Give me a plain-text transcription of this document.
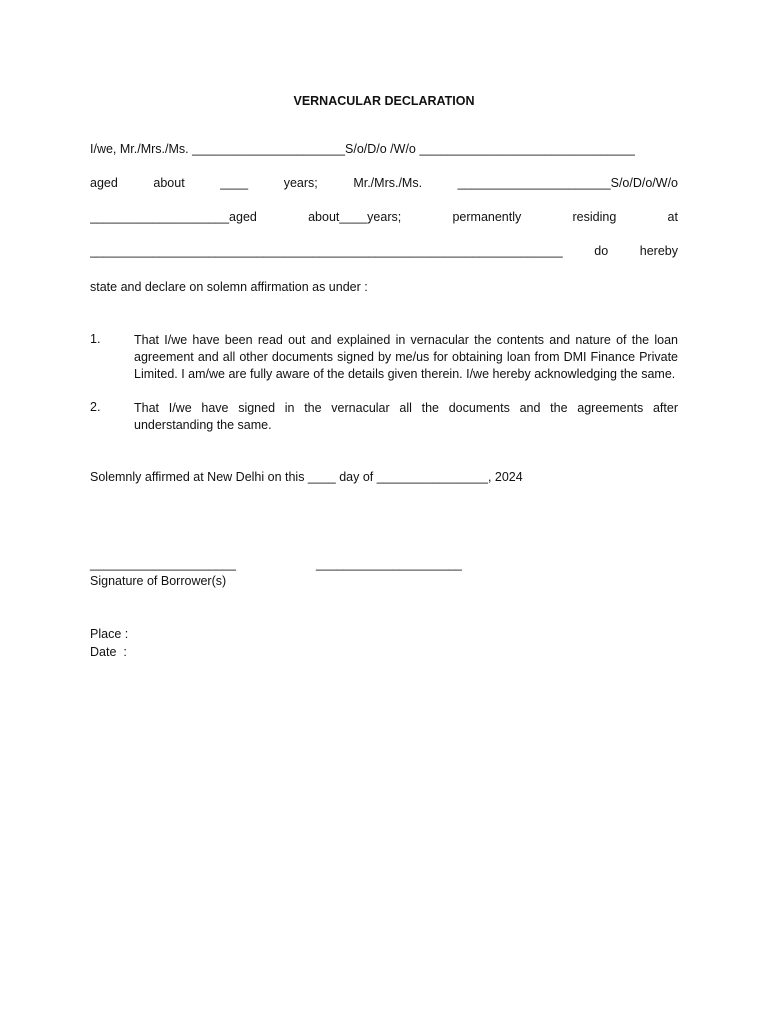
VERNACULAR DECLARATION
I/we, Mr./Mrs./Ms. ______________________S/o/D/o /W/o _______________________________
aged	about	____	years;	Mr./Mrs./Ms.	______________________S/o/D/o/W/o
____________________aged	about____years;	permanently	residing	at
____________________________________________________________________	do	hereby
state and declare on solemn affirmation as under :
1.	That I/we have been read out and explained in vernacular the contents and nature of the loan agreement and all other documents signed by me/us for obtaining loan from DMI Finance Private Limited. I am/we are fully aware of the details given therein. I/we hereby acknowledging the same.
2.	That I/we have signed in the vernacular all the documents and the agreements after understanding the same.
Solemnly affirmed at New Delhi on this ____ day of ________________, 2024
_____________________	_____________________
Signature of Borrower(s)
Place :
Date  :
